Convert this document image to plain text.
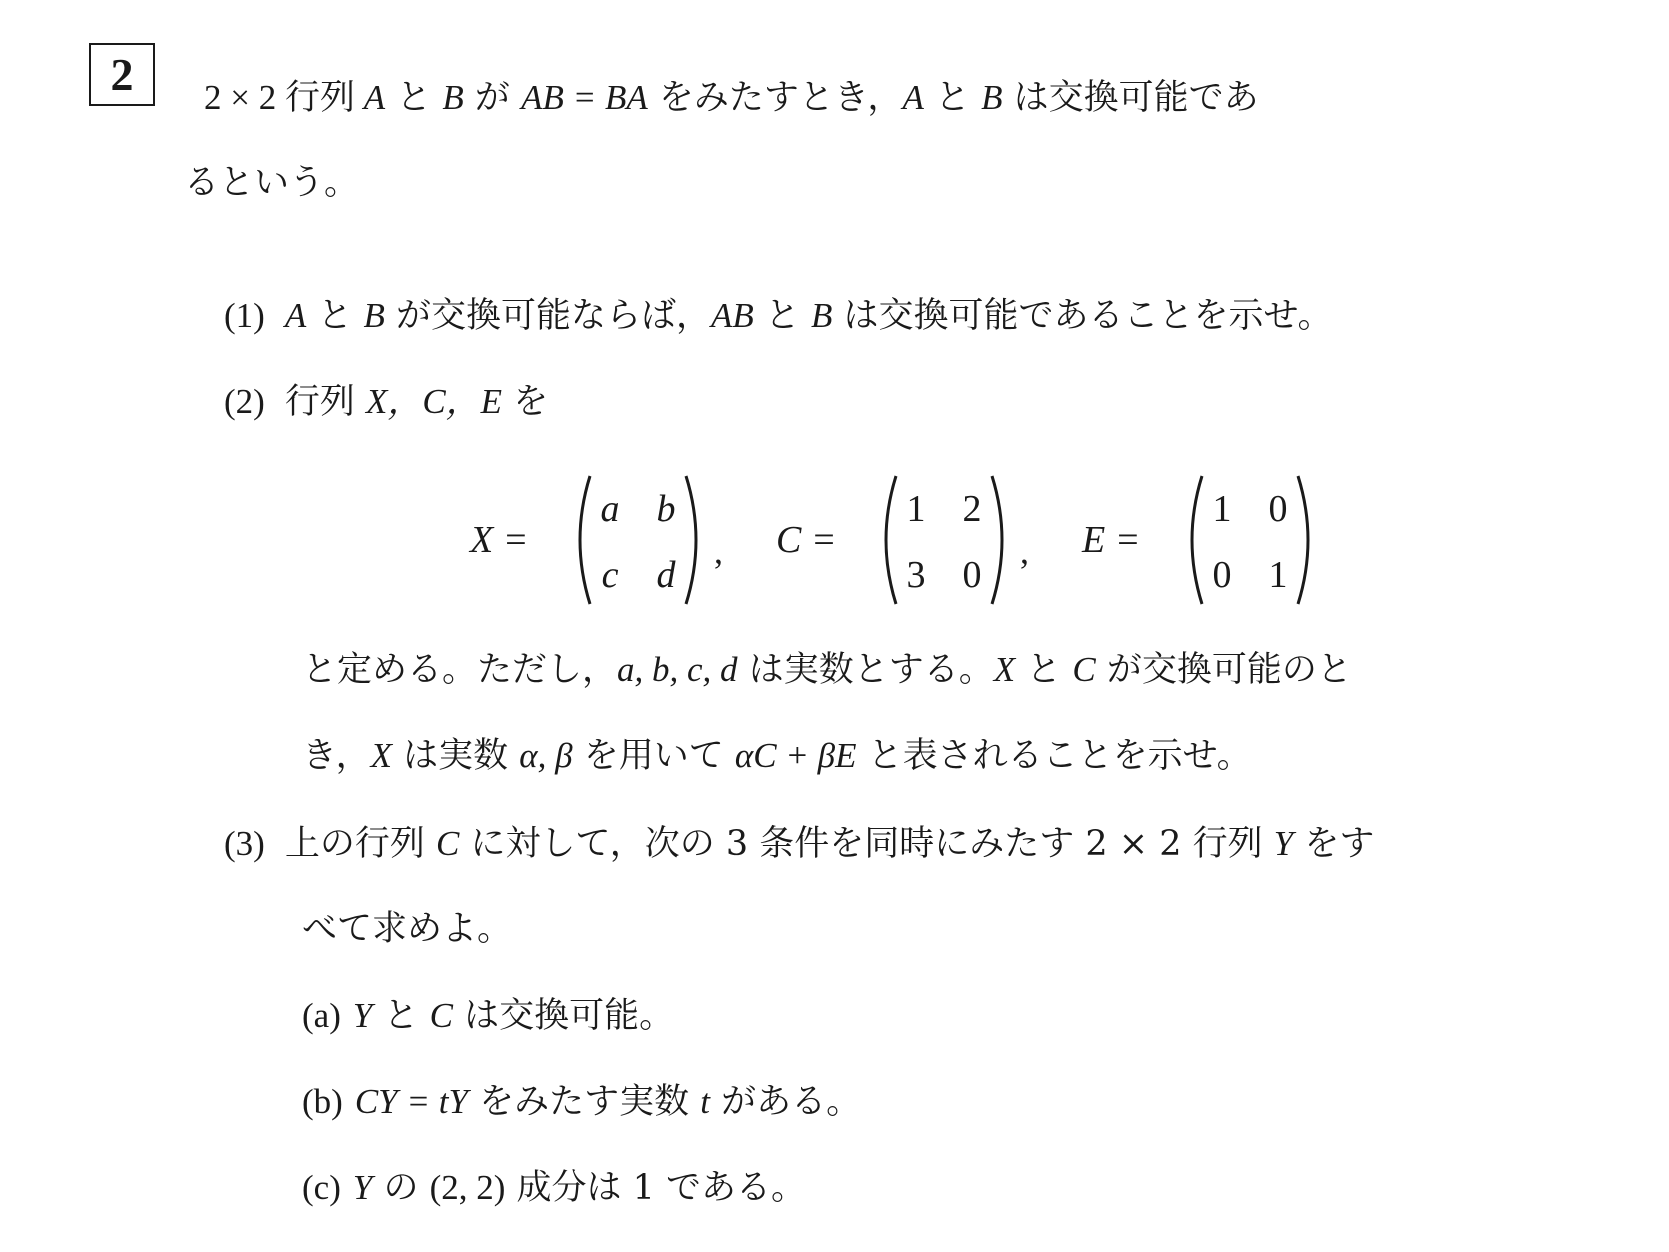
2	2 × 2 行列 A と B が AB = BA をみたすとき，A と B は交換可能であ
るという。
(1) A と B が交換可能ならば，AB と B は交換可能であることを示せ。
(2) 行列 X，C，E を
X =
a b
c	d
, C =
1 2
3 0
, E =
1 0
0 1
と定める。ただし，a, b, c, d は実数とする。X と C が交換可能のと
き，X は実数 α, β を用いて αC + βE と表されることを示せ。
(3) 上の行列 C に対して，次の 3 条件を同時にみたす 2 × 2 行列 Y をす
べて求めよ。
(a) Y と C は交換可能。
(b) CY = tY をみたす実数 t がある。
(c) Y の (2, 2) 成分は 1 である。
